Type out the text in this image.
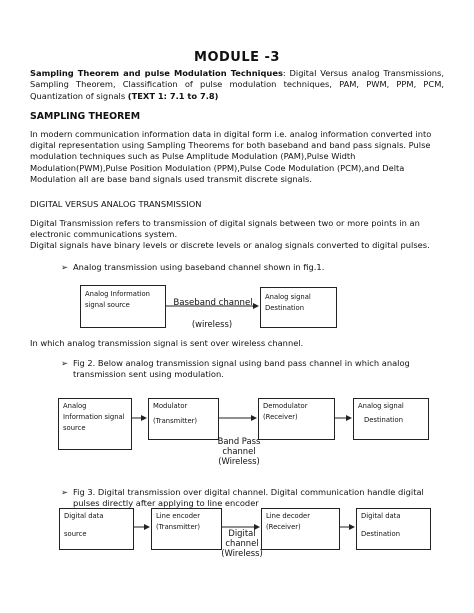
MODULE -3
Sampling Theorem and pulse Modulation Techniques: Digital Versus analog Transmissions, Sampling Theorem, Classification of pulse modulation techniques, PAM, PWM, PPM, PCM, Quantization of signals (TEXT 1: 7.1 to 7.8)
SAMPLING THEOREM
In modern communication information data in digital form i.e. analog information converted into digital representation using Sampling Theorems for both baseband and band pass signals. Pulse modulation techniques such as Pulse Amplitude Modulation (PAM),Pulse Width Modulation(PWM),Pulse Position Modulation (PPM),Pulse Code Modulation (PCM),and Delta Modulation all are base band signals used transmit discrete signals.
DIGITAL VERSUS ANALOG TRANSMISSION
Digital Transmission refers to transmission of digital signals between two or more points in an electronic communications system.
Digital signals have binary levels or discrete levels or analog signals converted to digital pulses.
➢ Analog transmission using baseband channel shown in fig.1.
Analog Information signal source	Baseband channel
(wireless)
Analog signal Destination
In which analog transmission signal is sent over wireless channel.
➢ Fig 2. Below analog transmission signal using band pass channel in which analog transmission sent using modulation.
Analog Information signal source
Modulator
(Transmitter)
Demodulator
(Receiver)
Analog signal
Destination
Band Pass channel (Wireless)
➢ Fig 3. Digital transmission over digital channel. Digital communication handle digital pulses directly after applying to line encoder
Digital data
source
Line encoder
(Transmitter)
Line decoder
(Receiver)
Digital data
Destination
Digital channel (Wireless)
